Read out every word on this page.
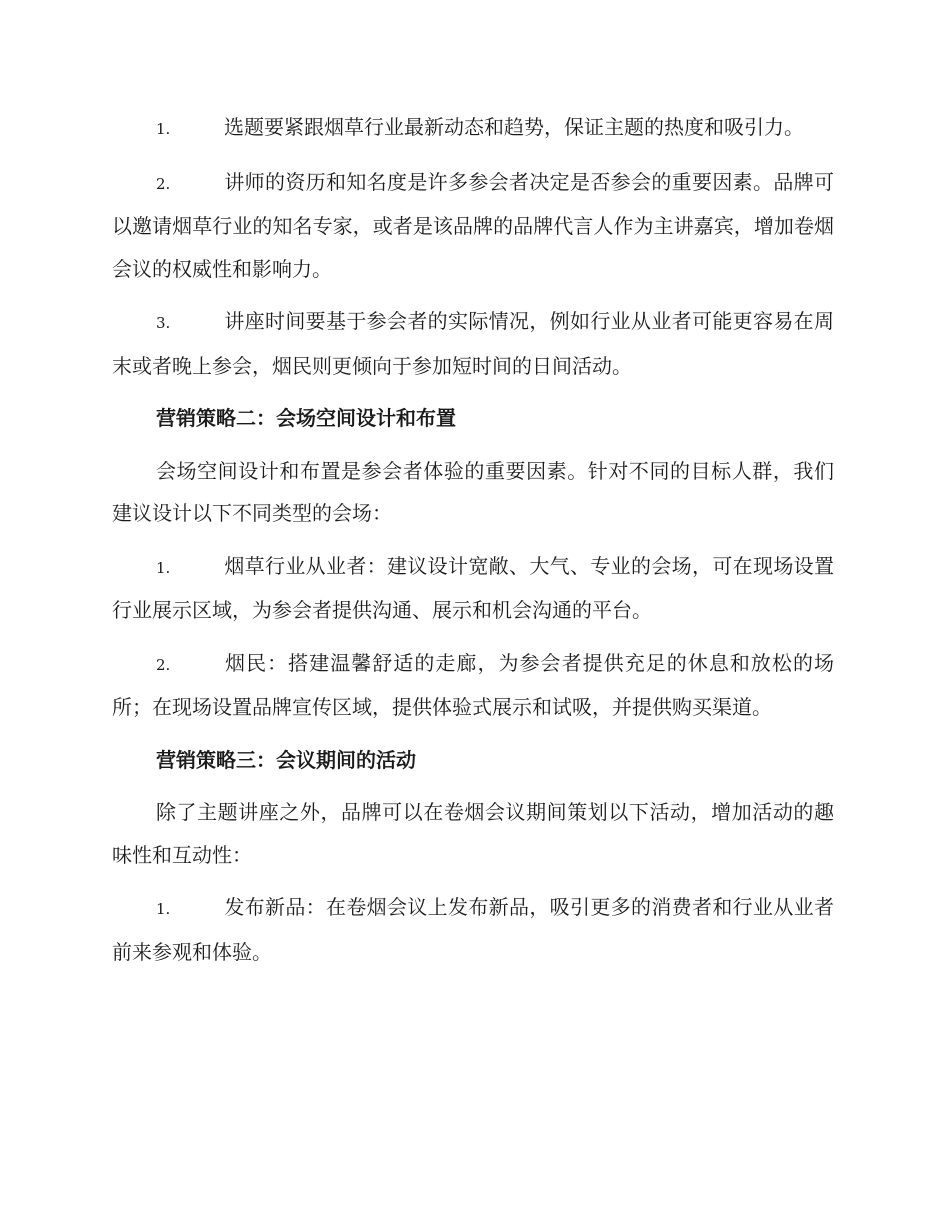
1.	选题要紧跟烟草行业最新动态和趋势，保证主题的热度和吸引力。

2.	讲师的资历和知名度是许多参会者决定是否参会的重要因素。品牌可以邀请烟草行业的知名专家，或者是该品牌的品牌代言人作为主讲嘉宾，增加卷烟会议的权威性和影响力。

3.	讲座时间要基于参会者的实际情况，例如行业从业者可能更容易在周末或者晚上参会，烟民则更倾向于参加短时间的日间活动。

营销策略二：会场空间设计和布置

会场空间设计和布置是参会者体验的重要因素。针对不同的目标人群，我们建议设计以下不同类型的会场：

1.	烟草行业从业者：建议设计宽敞、大气、专业的会场，可在现场设置行业展示区域，为参会者提供沟通、展示和机会沟通的平台。

2.	烟民：搭建温馨舒适的走廊，为参会者提供充足的休息和放松的场所；在现场设置品牌宣传区域，提供体验式展示和试吸，并提供购买渠道。

营销策略三：会议期间的活动

除了主题讲座之外，品牌可以在卷烟会议期间策划以下活动，增加活动的趣味性和互动性：

1.	发布新品：在卷烟会议上发布新品，吸引更多的消费者和行业从业者前来参观和体验。
